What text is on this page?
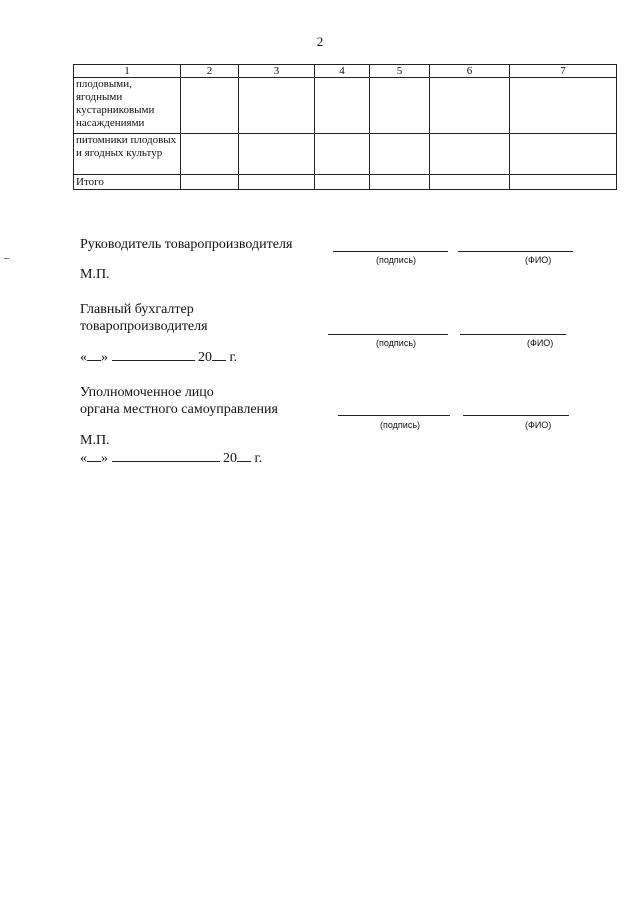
2
1	2	3	4	5	6	7
плодовыми, ягодными кустарниковыми насаждениями						
питомники плодовых и ягодных культур						
Итого						
Руководитель товаропроизводителя
(подпись)	(ФИО)
М.П.
Главный бухгалтер
товаропроизводителя
(подпись)	(ФИО)
« »	20 г.
Уполномоченное лицо
органа местного самоуправления
(подпись)	(ФИО)
М.П.
« »	20 г.
